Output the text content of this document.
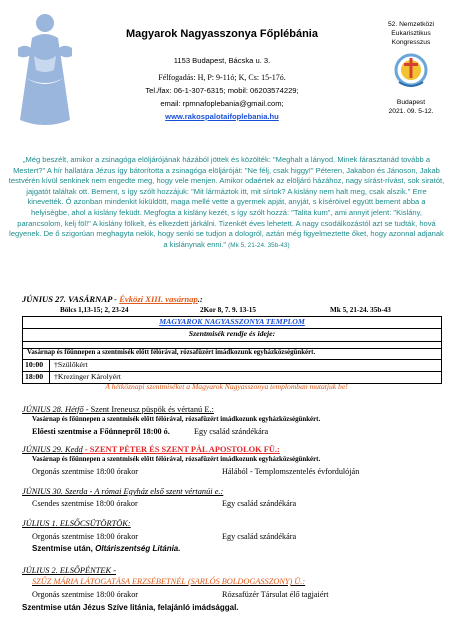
Magyarok Nagyasszonya Főplébánia
1153 Budapest, Bácska u. 3.
Félfogadás: H, P: 9-11ó; K, Cs: 15-17ó.
Tel./fax: 06-1-307-6315; mobil: 06203574229;
email: rpmnafoplebania@gmail.com;
www.rakospalotaifoplebania.hu
52. Nemzetközi
Eukarisztikus
Kongresszus
Budapest
2021. 09. 5-12.
„Még beszélt, amikor a zsinagóga elöljárójának házából jöttek és közölték: "Meghalt a lányod. Minek fárasztanád tovább a Mestert?" A hír hallatára Jézus így bátorította a zsinagóga elöljáróját: "Ne félj, csak higgy!" Péteren, Jakabon és Jánoson, Jakab testvérén kívül senkinek nem engedte meg, hogy vele menjen. Amikor odaértek az elöljáró házához, nagy sírást-rívást, sok siratót, jajgatót találtak ott. Bement, s így szólt hozzájuk: "Mit lármáztok itt, mit sírtok? A kislány nem halt meg, csak alszik." Erre kinevették. Ő azonban mindenkit kiküldött, maga mellé vette a gyermek apját, anyját, s kíséröivel együtt bement abba a helyiségbe, ahol a kislány feküdt. Megfogta a kislány kezét, s így szólt hozzá: "Talita kum", ami annyit jelent: "Kislány, parancsolom, kelj föl!" A kislány fölkelt, és elkezdett járkálni. Tizenkét éves lehetett. A nagy csodálkozástól azt se tudták, hová legyenek. De ő szigorúan meghagyta nekik, hogy senki se tudjon a dologról, aztán még figyelmeztette őket, hogy azonnal adjanak a kislánynak enni." (Mk 5, 21-24. 35b-43)
JÚNIUS 27. VASÁRNAP - Évközi XIII. vasárnap.:
Bölcs 1,13-15; 2, 23-24	2Kor 8, 7. 9. 13-15	Mk 5, 21-24. 35b-43
MAGYAROK NAGYASSZONYA TEMPLOM
Szentmisék rendje és ideje:
Vasárnap és főünnepen a szentmisék előtt félórával, rózsafüzért imádkozunk egyházközségünkért.
10:00	†Szülőkért
18:00	†Krezinger Károlyért
A hétköznapi szentmiséket a Magyarok Nagyasszonya templomban mutatjuk be!
JÚNIUS 28. Hétfő - Szent Ireneusz püspök és vértanú E.:
Vasárnap és főünnepen a szentmisék előtt félórával, rózsafüzért imádkozunk egyházközségünkért.
Előesti szentmise a Főünnepről 18:00 ó.	Egy család szándékára
JÚNIUS 29. Kedd - SZENT PÉTER ÉS SZENT PÁL APOSTOLOK FÜ.:
Vasárnap és főünnepen a szentmisék előtt félórával, rózsafüzért imádkozunk egyházközségünkért.
Orgonás szentmise 18:00 órakor	Hálából - Templomszentelés évfordulóján
JÚNIUS 30. Szerda - A római Egyház első szent vértanúi e.:
Csendes szentmise 18:00 órakor	Egy család szándékára
JÚLIUS 1. ELSŐCSÜTÖRTÖK:
Orgonás szentmise 18:00 órakor	Egy család szándékára
Szentmise után, Oltáriszentség Litánia.
JÚLIUS 2. ELSŐPÉNTEK -
SZŰZ MÁRIA LÁTOGATÁSA ERZSÉBETNÉL (SARLÓS BOLDOGASSZONY) Ü.:
Orgonás szentmise 18:00 órakor	Rózsafüzér Társulat élő tagjaiért
Szentmise után Jézus Szíve litánia, felajánló imádsággal.
